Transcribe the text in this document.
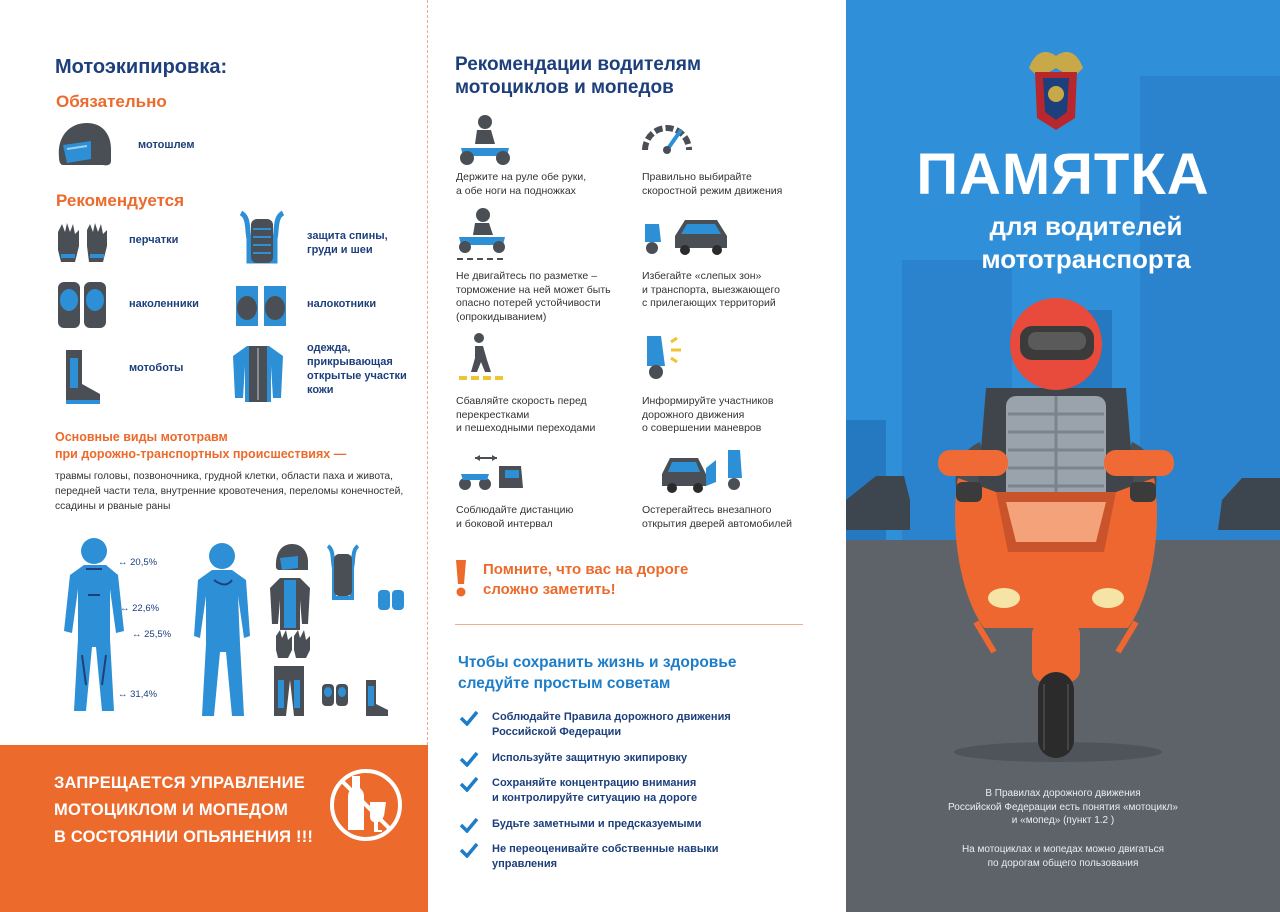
Мотоэкипировка:
Обязательно
мотошлем
Рекомендуется
перчатки	защита спины, груди и шеи
наколенники	налокотники
мотоботы
одежда, прикрывающая открытые участки кожи
Основные виды мототравм
при дорожно-транспортных происшествиях —
травмы головы, позвоночника, грудной клетки, области паха и живота, передней части тела, внутренние кровотечения, переломы конечностей, ссадины и рваные раны
↔ 20,5%
↔ 22,6%
↔ 25,5%
↔ 31,4%
ЗАПРЕЩАЕТСЯ УПРАВЛЕНИЕ
МОТОЦИКЛОМ И МОПЕДОМ
В СОСТОЯНИИ ОПЬЯНЕНИЯ !!!
Рекомендации водителям
мотоциклов и мопедов
Держите на руле обе руки,
а обе ноги на подножках
Правильно выбирайте
скоростной режим движения
Не двигайтесь по разметке –
торможение на ней может быть
опасно потерей устойчивости
(опрокидыванием)
Избегайте «слепых зон»
и транспорта, выезжающего
с прилегающих территорий
Сбавляйте скорость перед
перекрестками
и пешеходными переходами
Информируйте участников
дорожного движения
о совершении маневров
Соблюдайте дистанцию
и боковой интервал
Остерегайтесь внезапного
открытия дверей автомобилей
Помните, что вас на дороге
сложно заметить!
Чтобы сохранить жизнь и здоровье
следуйте простым советам
Соблюдайте Правила дорожного движения
Российской Федерации
Используйте защитную экипировку
Сохраняйте концентрацию внимания
и контролируйте ситуацию на дороге
Будьте заметными и предсказуемыми
Не переоценивайте собственные навыки
управления
ПАМЯТКА
для водителей
мототранспорта
В Правилах дорожного движения
Российской Федерации есть понятия «мотоцикл»
и «мопед» (пункт 1.2 )
На мотоциклах и мопедах можно двигаться
по дорогам общего пользования
